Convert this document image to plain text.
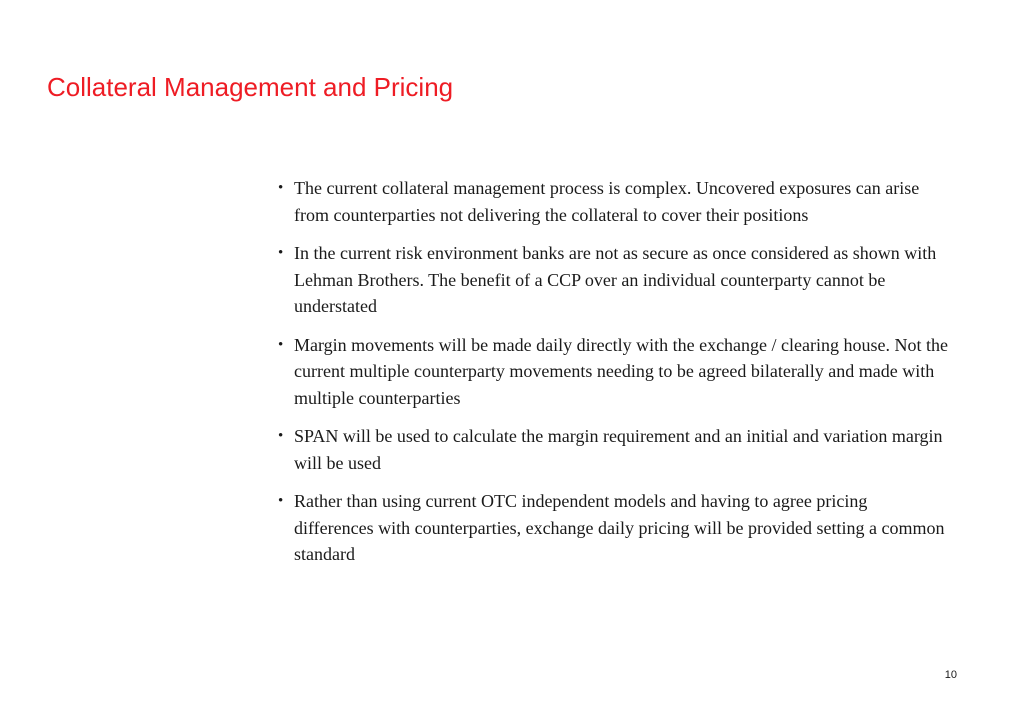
Collateral Management and Pricing
• The current collateral management process is complex. Uncovered exposures can arise from counterparties not delivering the collateral to cover their positions
• In the current risk environment banks are not as secure as once considered as shown with Lehman Brothers. The benefit of a CCP over an individual counterparty cannot be understated
• Margin movements will be made daily directly with the exchange / clearing house. Not the current multiple counterparty movements needing to be agreed bilaterally and made with multiple counterparties
• SPAN will be used to calculate the margin requirement and an initial and variation margin will be used
• Rather than using current OTC independent models and having to agree pricing differences with counterparties, exchange daily pricing will be provided setting a common standard
10
